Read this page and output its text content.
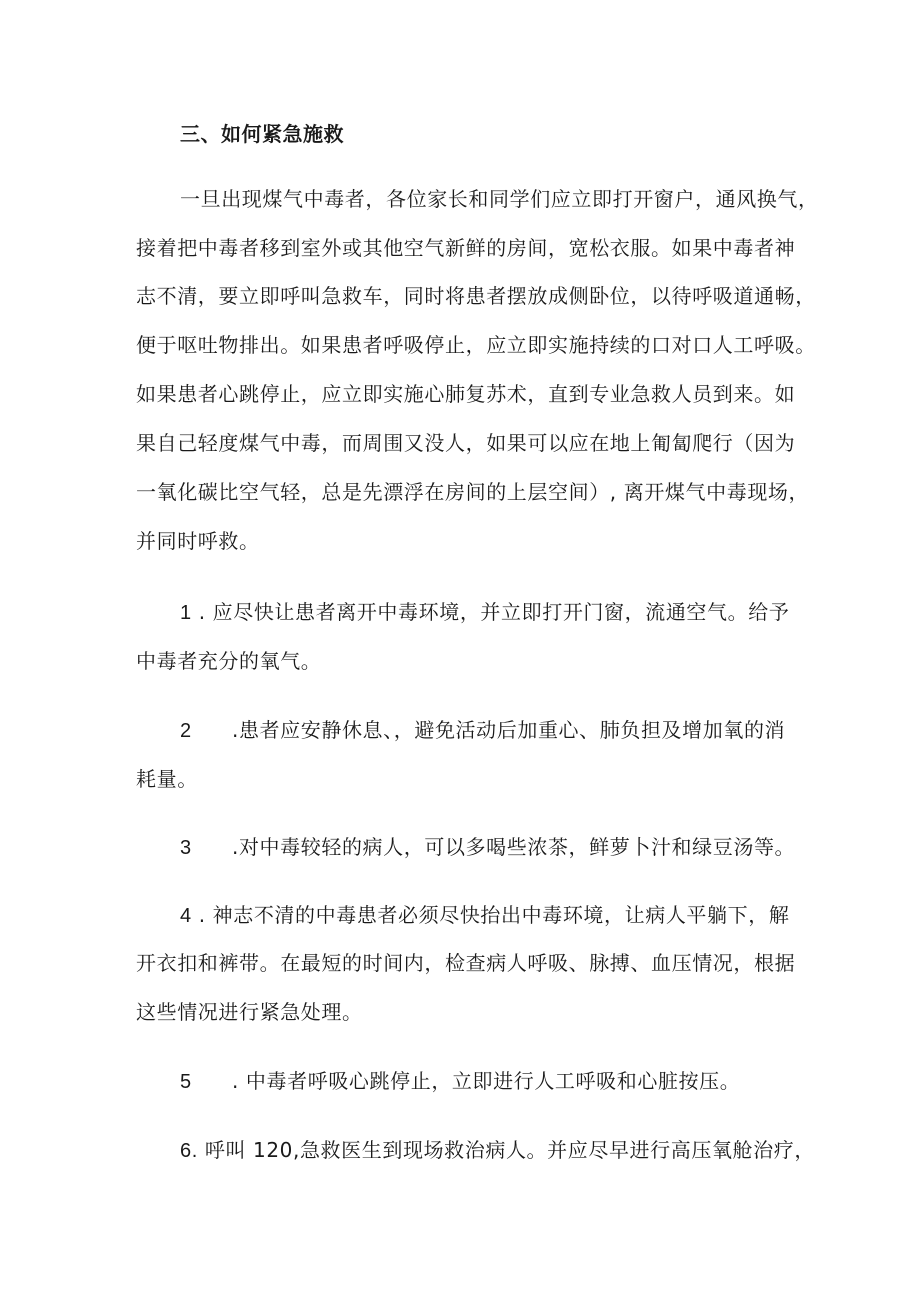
三、如何紧急施救
一旦出现煤气中毒者，各位家长和同学们应立即打开窗户，通风换气，
接着把中毒者移到室外或其他空气新鲜的房间，宽松衣服。如果中毒者神
志不清，要立即呼叫急救车，同时将患者摆放成侧卧位，以待呼吸道通畅，
便于呕吐物排出。如果患者呼吸停止，应立即实施持续的口对口人工呼吸。
如果患者心跳停止，应立即实施心肺复苏术，直到专业急救人员到来。如
果自己轻度煤气中毒，而周围又没人，如果可以应在地上匍匐爬行（因为
一氧化碳比空气轻，总是先漂浮在房间的上层空间）, 离开煤气中毒现场，
并同时呼救。
1 . 应尽快让患者离开中毒环境，并立即打开门窗，流通空气。给予
中毒者充分的氧气。
2 .患者应安静休息、，避免活动后加重心、肺负担及增加氧的消
耗量。
3 .对中毒较轻的病人，可以多喝些浓茶，鲜萝卜汁和绿豆汤等。
4 . 神志不清的中毒患者必须尽快抬出中毒环境，让病人平躺下，解
开衣扣和裤带。在最短的时间内，检查病人呼吸、脉搏、血压情况，根据
这些情况进行紧急处理。
5 . 中毒者呼吸心跳停止，立即进行人工呼吸和心脏按压。
6. 呼叫 120,急救医生到现场救治病人。并应尽早进行高压氧舱治疗，
